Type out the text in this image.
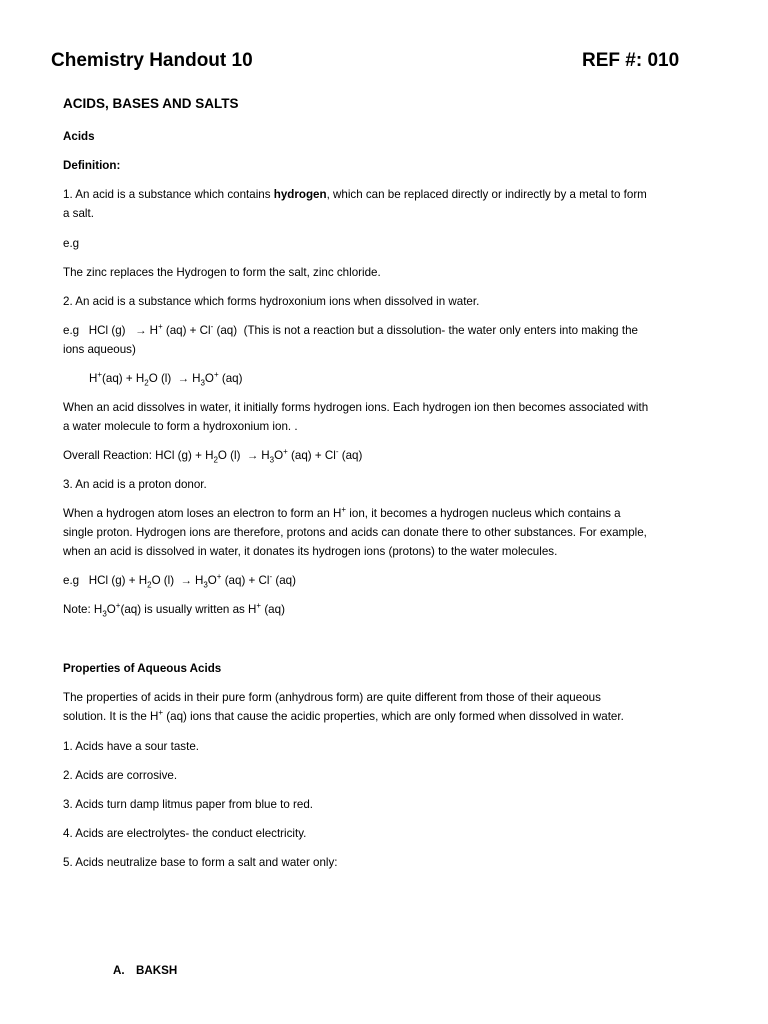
Chemistry Handout 10	REF #: 010
ACIDS, BASES AND SALTS
Acids
Definition:
1. An acid is a substance which contains hydrogen, which can be replaced directly or indirectly by a metal to form
a salt.
e.g
The zinc replaces the Hydrogen to form the salt, zinc chloride.
2. An acid is a substance which forms hydroxonium ions when dissolved in water.
e.g HCl (g) → H+ (aq) + Cl- (aq) (This is not a reaction but a dissolution- the water only enters into making the
ions aqueous)
$H^+(aq) + H_2O$ $(l) \to H_3O^+$ (aq)
When an acid dissolves in water, it initially forms hydrogen ions. Each hydrogen ion then becomes associated with
a water molecule to form a hydroxonium ion. .
Overall Reaction: HCl $(g) + H_2O$ $(l) \to H_3O^+$ (aq) + Cl- (aq)
3. An acid is a proton donor.
When a hydrogen atom loses an electron to form an H+ ion, it becomes a hydrogen nucleus which contains a
single proton. Hydrogen ions are therefore, protons and acids can donate there to other substances. For example,
when an acid is dissolved in water, it donates its hydrogen ions (protons) to the water molecules.
e.g HCl $(g) + H_2O$ $(l) \to H_3O^+$ (aq) + Cl- (aq)
Note: $H_3O^+(aq)$ is usually written as H+ (aq)
Properties of Aqueous Acids
The properties of acids in their pure form (anhydrous form) are quite different from those of their aqueous
solution. It is the H+ (aq) ions that cause the acidic properties, which are only formed when dissolved in water.
1. Acids have a sour taste.
2. Acids are corrosive.
3. Acids turn damp litmus paper from blue to red.
4. Acids are electrolytes- the conduct electricity.
5. Acids neutralize base to form a salt and water only:
A. BAKSH
